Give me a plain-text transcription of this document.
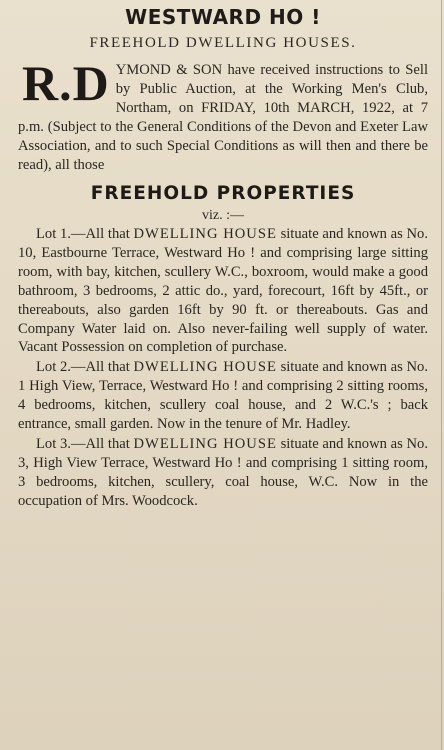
WESTWARD HO !
FREEHOLD DWELLING HOUSES.
R.D YMOND & SON have received instructions to Sell by Public Auction, at the Working Men's Club, Northam, on FRIDAY, 10th MARCH, 1922, at 7 p.m. (Subject to the General Conditions of the Devon and Exeter Law Association, and to such Special Conditions as will then and there be read), all those
FREEHOLD PROPERTIES
viz. :—

Lot 1.—All that DWELLING HOUSE situate and known as No. 10, Eastbourne Terrace, Westward Ho ! and comprising large sitting room, with bay, kitchen, scullery W.C., boxroom, would make a good bathroom, 3 bedrooms, 2 attic do., yard, forecourt, 16ft by 45ft., or thereabouts, also garden 16ft by 90 ft. or thereabouts. Gas and Company Water laid on. Also never-failing well supply of water. Vacant Possession on completion of purchase.

Lot 2.—All that DWELLING HOUSE situate and known as No. 1 High View, Terrace, Westward Ho ! and comprising 2 sitting rooms, 4 bedrooms, kitchen, scullery coal house, and 2 W.C.'s ; back entrance, small garden. Now in the tenure of Mr. Hadley.

Lot 3.—All that DWELLING HOUSE situate and known as No. 3, High View Terrace, Westward Ho ! and comprising 1 sitting room, 3 bedrooms, kitchen, scullery, coal house, W.C. Now in the occupation of Mrs. Woodcock.
